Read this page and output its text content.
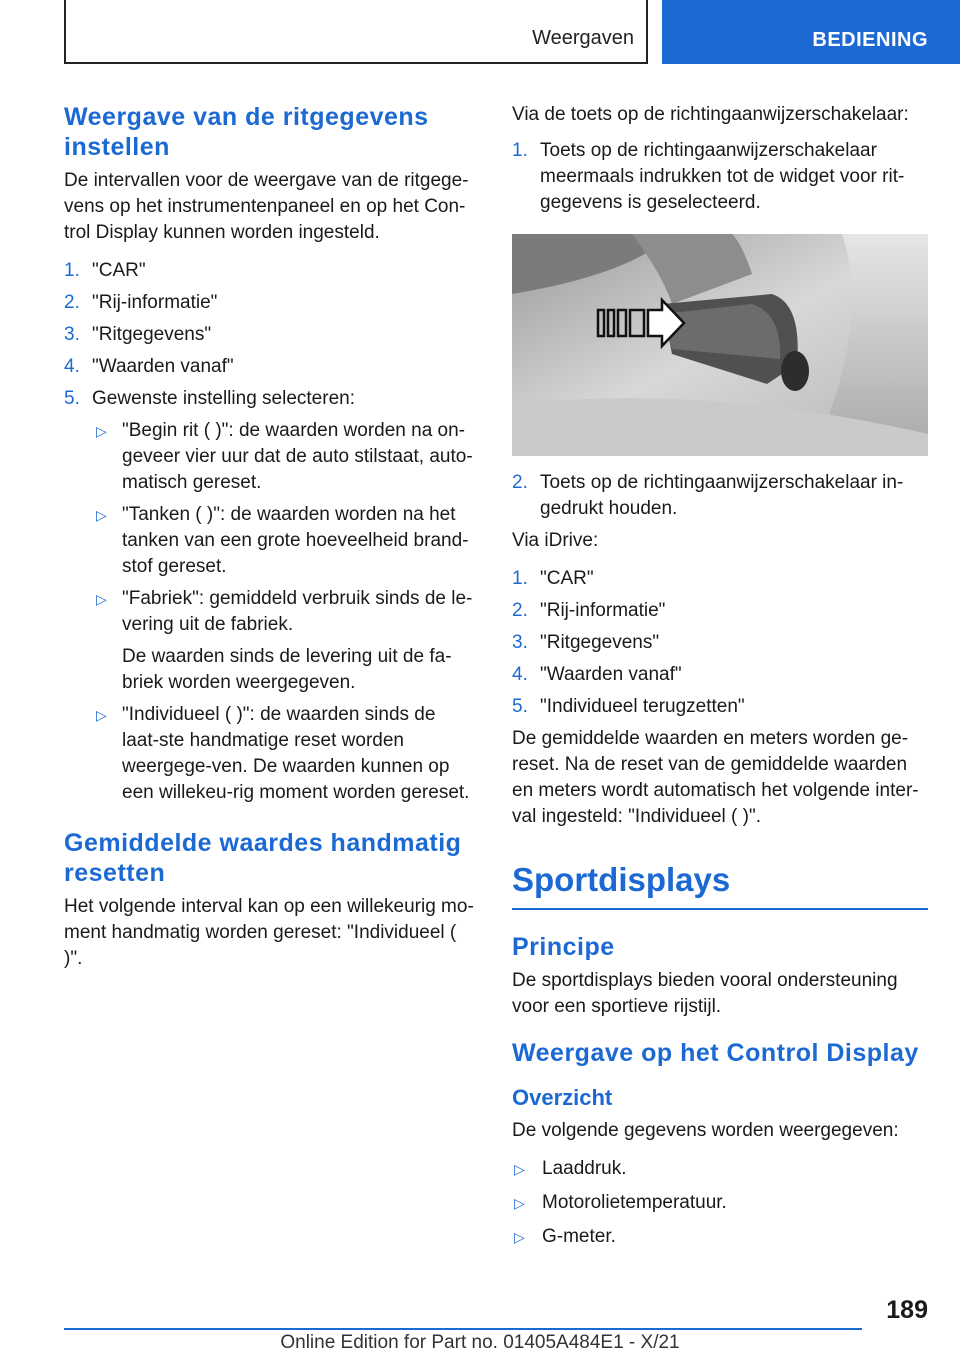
Weergaven	BEDIENING
Weergave van de ritgegevens instellen
De intervallen voor de weergave van de ritgege-vens op het instrumentenpaneel en op het Con-trol Display kunnen worden ingesteld.
1. "CAR"
2. "Rij-informatie"
3. "Ritgegevens"
4. "Waarden vanaf"
5. Gewenste instelling selecteren:
▷ "Begin rit ( )": de waarden worden na on-geveer vier uur dat de auto stilstaat, auto-matisch gereset.
▷ "Tanken ( )": de waarden worden na het tanken van een grote hoeveelheid brand-stof gereset.
▷ "Fabriek": gemiddeld verbruik sinds de le-vering uit de fabriek.
De waarden sinds de levering uit de fa-briek worden weergegeven.
▷ "Individueel ( )": de waarden sinds de laat-ste handmatige reset worden weergege-ven. De waarden kunnen op een willekeu-rig moment worden gereset.
Gemiddelde waardes handmatig resetten
Het volgende interval kan op een willekeurig mo-ment handmatig worden gereset: "Individueel ( )".
Via de toets op de richtingaanwijzerschakelaar:
1. Toets op de richtingaanwijzerschakelaar meermaals indrukken tot de widget voor rit-gegevens is geselecteerd.
2. Toets op de richtingaanwijzerschakelaar in-gedrukt houden.
Via iDrive:
1. "CAR"
2. "Rij-informatie"
3. "Ritgegevens"
4. "Waarden vanaf"
5. "Individueel terugzetten"
De gemiddelde waarden en meters worden ge-reset. Na de reset van de gemiddelde waarden en meters wordt automatisch het volgende inter-val ingesteld: "Individueel ( )".
Sportdisplays
Principe
De sportdisplays bieden vooral ondersteuning voor een sportieve rijstijl.
Weergave op het Control Display
Overzicht
De volgende gegevens worden weergegeven:
▷ Laaddruk.
▷ Motorolietemperatuur.
▷ G-meter.
189
Online Edition for Part no. 01405A484E1 - X/21
